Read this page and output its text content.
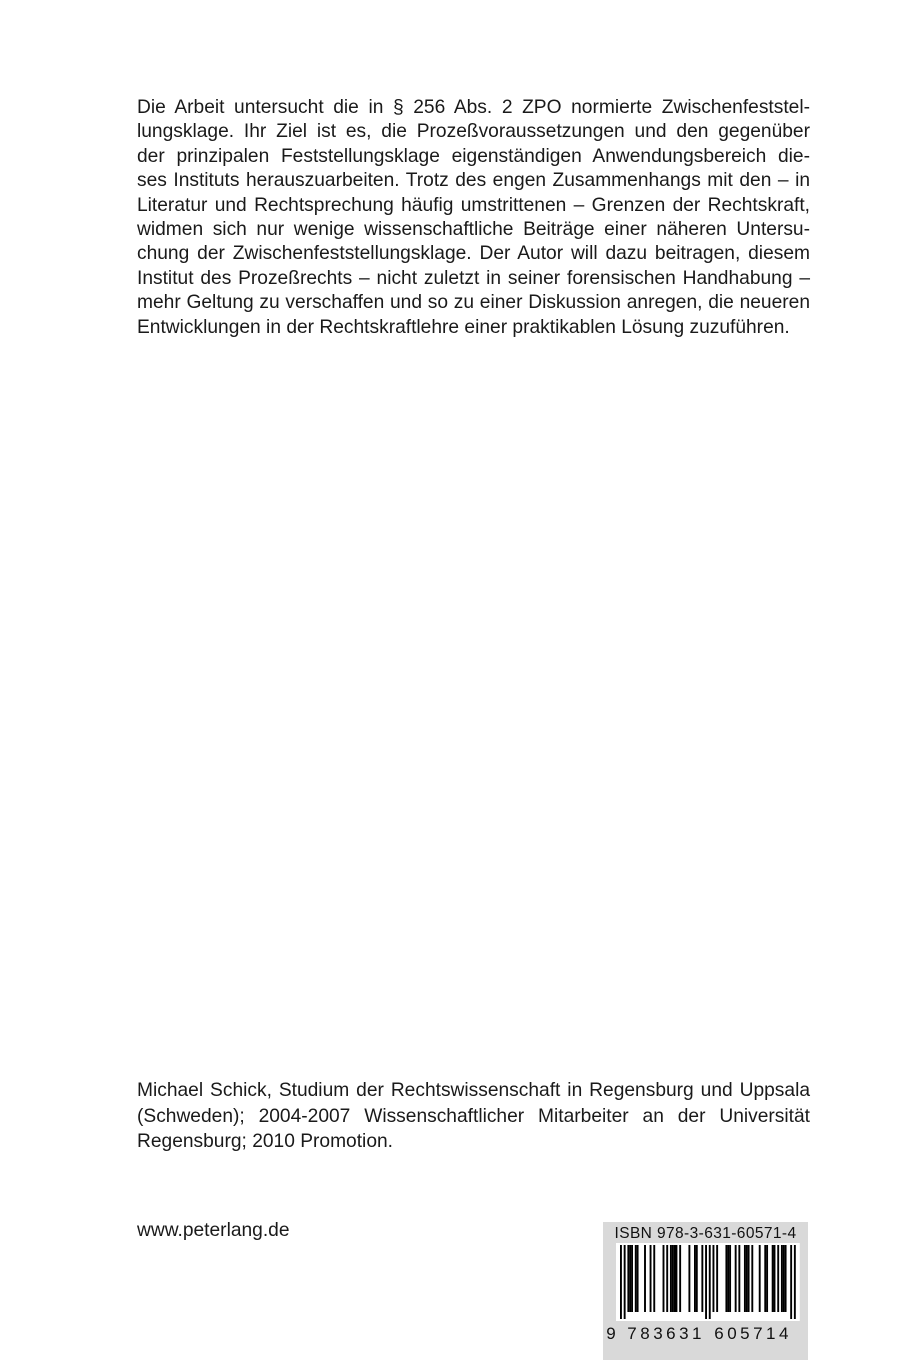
Die Arbeit untersucht die in § 256 Abs. 2 ZPO normierte Zwischenfeststel-
lungsklage. Ihr Ziel ist es, die Prozeßvoraussetzungen und den gegenüber
der prinzipalen Feststellungsklage eigenständigen Anwendungsbereich die-
ses Instituts herauszuarbeiten. Trotz des engen Zusammenhangs mit den – in
Literatur und Rechtsprechung häufig umstrittenen – Grenzen der Rechtskraft,
widmen sich nur wenige wissenschaftliche Beiträge einer näheren Untersu-
chung der Zwischenfeststellungsklage. Der Autor will dazu beitragen, diesem
Institut des Prozeßrechts – nicht zuletzt in seiner forensischen Handhabung –
mehr Geltung zu verschaffen und so zu einer Diskussion anregen, die neueren
Entwicklungen in der Rechtskraftlehre einer praktikablen Lösung zuzuführen.
Michael Schick, Studium der Rechtswissenschaft in Regensburg und Uppsala
(Schweden); 2004-2007 Wissenschaftlicher Mitarbeiter an der Universität
Regensburg; 2010 Promotion.
www.peterlang.de	ISBN 978-3-631-60571-4
9 7 8 3 6 3 1 6 0 5 7 1 4
